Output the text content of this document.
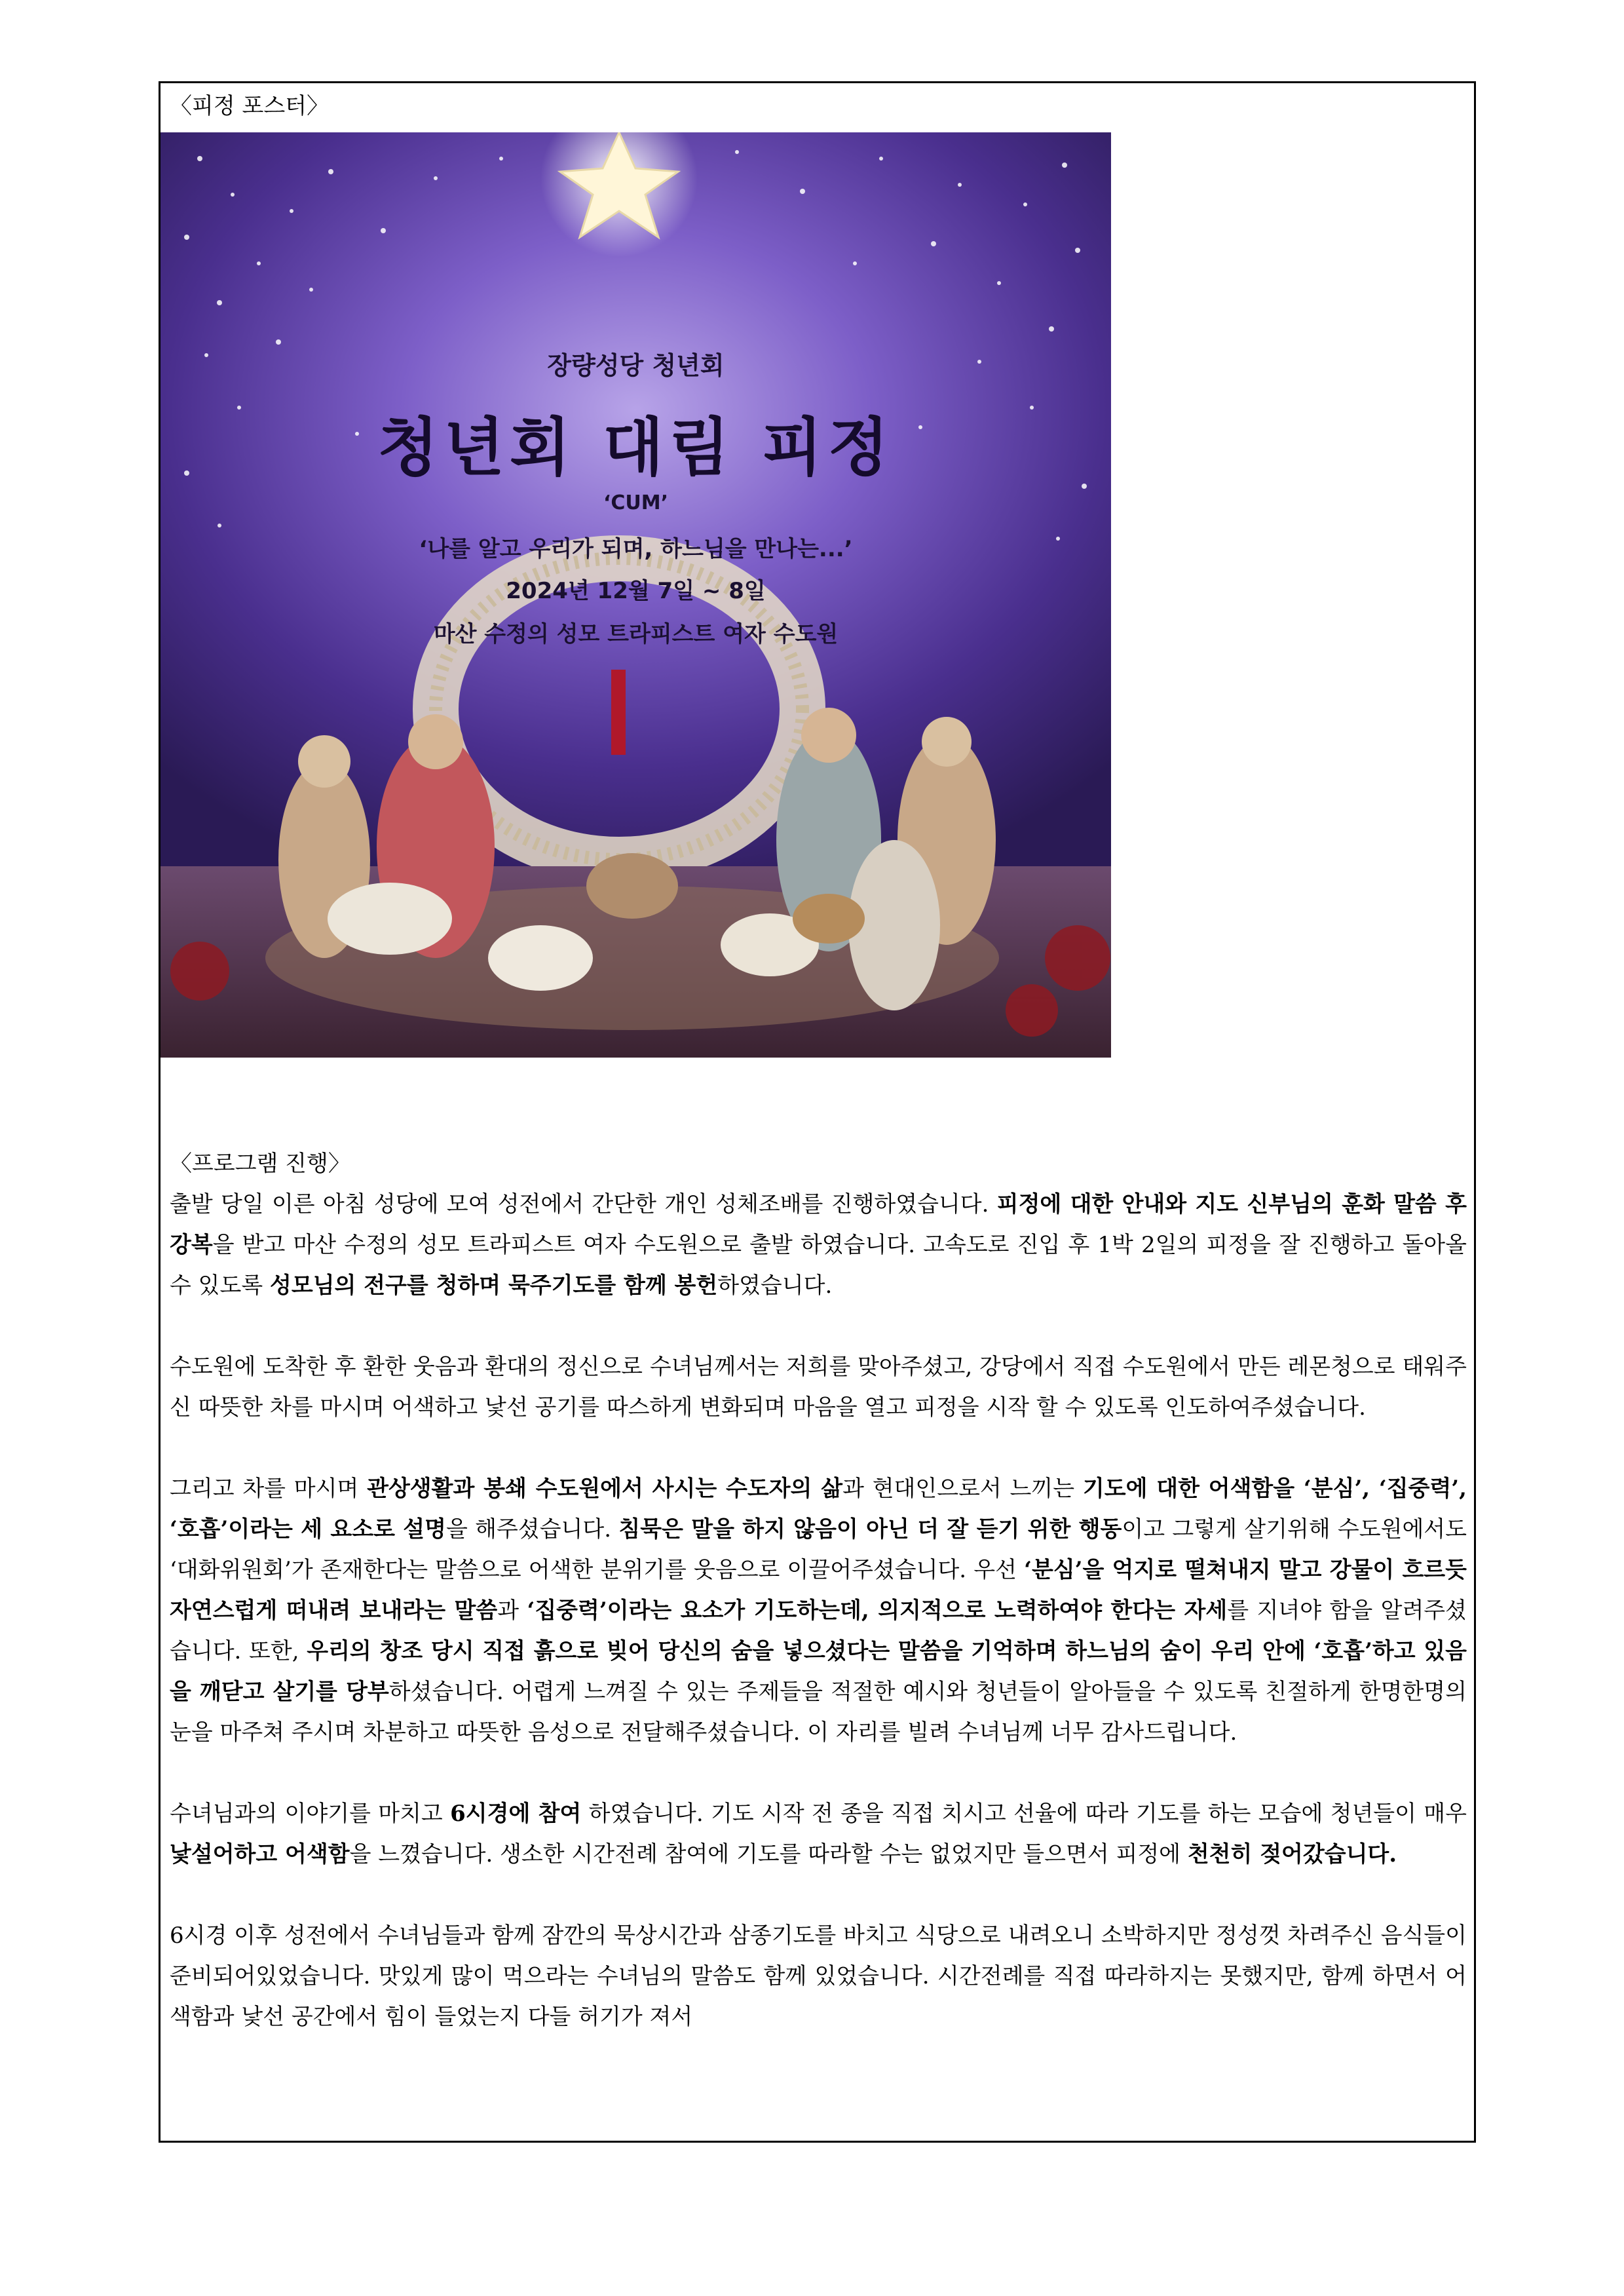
〈피정 포스터〉
장량성당 청년회
청년회 대림 피정
‘CUM’
‘나를 알고 우리가 되며, 하느님을 만나는...’
2024년 12월 7일 ~ 8일
마산 수정의 성모 트라피스트 여자 수도원
〈프로그램 진행〉

출발 당일 이른 아침 성당에 모여 성전에서 간단한 개인 성체조배를 진행하였습니다. 피정에 대한 안내와 지도 신부님의 훈화 말씀 후 강복을 받고 마산 수정의 성모 트라피스트 여자 수도원으로 출발 하였습니다. 고속도로 진입 후 1박 2일의 피정을 잘 진행하고 돌아올 수 있도록 성모님의 전구를 청하며 묵주기도를 함께 봉헌하였습니다.

수도원에 도착한 후 환한 웃음과 환대의 정신으로 수녀님께서는 저희를 맞아주셨고, 강당에서 직접 수도원에서 만든 레몬청으로 태워주신 따뜻한 차를 마시며 어색하고 낯선 공기를 따스하게 변화되며 마음을 열고 피정을 시작 할 수 있도록 인도하여주셨습니다.

그리고 차를 마시며 관상생활과 봉쇄 수도원에서 사시는 수도자의 삶과 현대인으로서 느끼는 기도에 대한 어색함을 ‘분심’, ‘집중력’, ‘호흡’이라는 세 요소로 설명을 해주셨습니다. 침묵은 말을 하지 않음이 아닌 더 잘 듣기 위한 행동이고 그렇게 살기위해 수도원에서도 ‘대화위원회’가 존재한다는 말씀으로 어색한 분위기를 웃음으로 이끌어주셨습니다. 우선 ‘분심’을 억지로 떨쳐내지 말고 강물이 흐르듯 자연스럽게 떠내려 보내라는 말씀과 ‘집중력’이라는 요소가 기도하는데, 의지적으로 노력하여야 한다는 자세를 지녀야 함을 알려주셨습니다. 또한, 우리의 창조 당시 직접 흙으로 빚어 당신의 숨을 넣으셨다는 말씀을 기억하며 하느님의 숨이 우리 안에 ‘호흡’하고 있음을 깨닫고 살기를 당부하셨습니다. 어렵게 느껴질 수 있는 주제들을 적절한 예시와 청년들이 알아들을 수 있도록 친절하게 한명한명의 눈을 마주쳐 주시며 차분하고 따뜻한 음성으로 전달해주셨습니다. 이 자리를 빌려 수녀님께 너무 감사드립니다.

수녀님과의 이야기를 마치고 6시경에 참여 하였습니다. 기도 시작 전 종을 직접 치시고 선율에 따라 기도를 하는 모습에 청년들이 매우 낯설어하고 어색함을 느꼈습니다. 생소한 시간전례 참여에 기도를 따라할 수는 없었지만 들으면서 피정에 천천히 젖어갔습니다.

6시경 이후 성전에서 수녀님들과 함께 잠깐의 묵상시간과 삼종기도를 바치고 식당으로 내려오니 소박하지만 정성껏 차려주신 음식들이 준비되어있었습니다. 맛있게 많이 먹으라는 수녀님의 말씀도 함께 있었습니다. 시간전례를 직접 따라하지는 못했지만, 함께 하면서 어색함과 낯선 공간에서 힘이 들었는지 다들 허기가 져서
